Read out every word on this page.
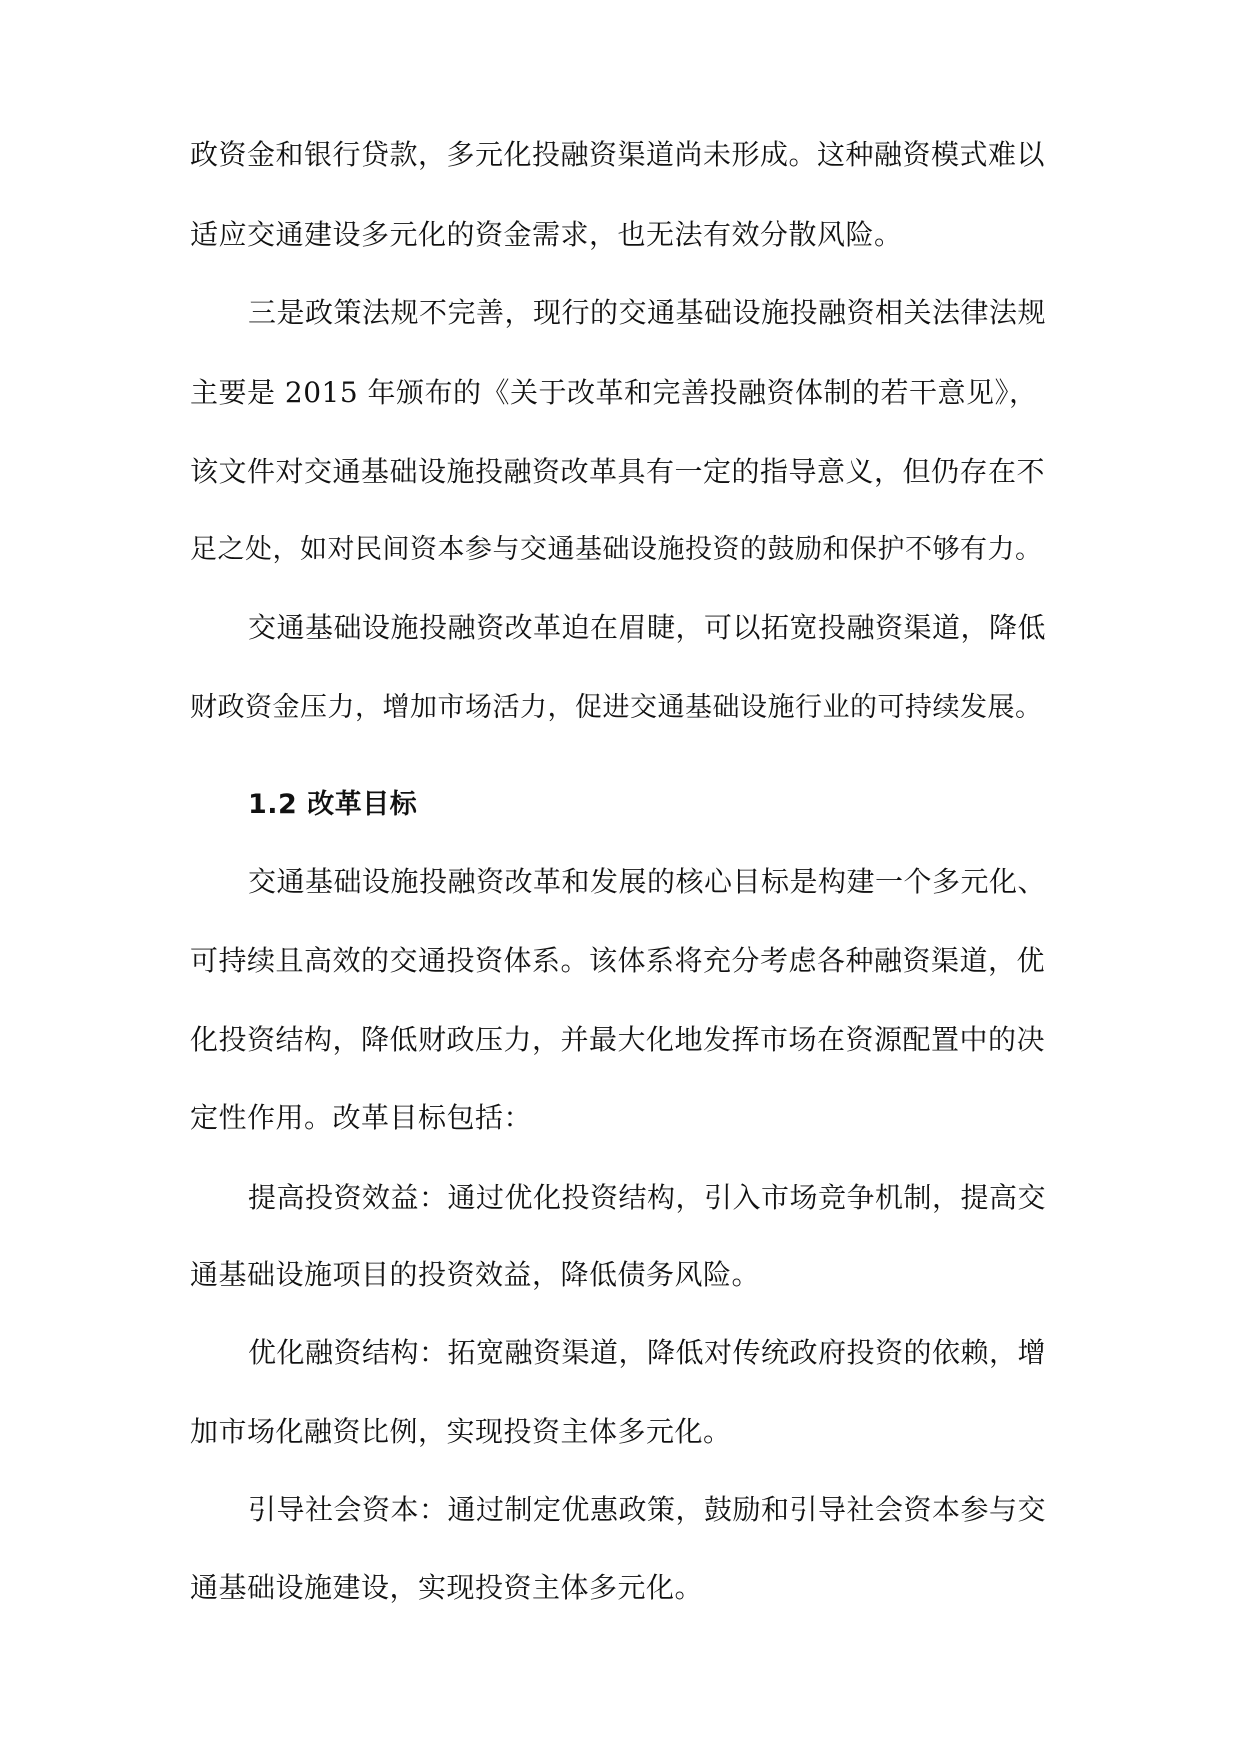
政资金和银行贷款，多元化投融资渠道尚未形成。这种融资模式难以
适应交通建设多元化的资金需求，也无法有效分散风险。
三是政策法规不完善，现行的交通基础设施投融资相关法律法规
主要是 2015 年颁布的《关于改革和完善投融资体制的若干意见》，
该文件对交通基础设施投融资改革具有一定的指导意义，但仍存在不
足之处，如对民间资本参与交通基础设施投资的鼓励和保护不够有力。
交通基础设施投融资改革迫在眉睫，可以拓宽投融资渠道，降低
财政资金压力，增加市场活力，促进交通基础设施行业的可持续发展。
1.2 改革目标
交通基础设施投融资改革和发展的核心目标是构建一个多元化、
可持续且高效的交通投资体系。该体系将充分考虑各种融资渠道，优
化投资结构，降低财政压力，并最大化地发挥市场在资源配置中的决
定性作用。改革目标包括：
提高投资效益：通过优化投资结构，引入市场竞争机制，提高交
通基础设施项目的投资效益，降低债务风险。
优化融资结构：拓宽融资渠道，降低对传统政府投资的依赖，增
加市场化融资比例，实现投资主体多元化。
引导社会资本：通过制定优惠政策，鼓励和引导社会资本参与交
通基础设施建设，实现投资主体多元化。
